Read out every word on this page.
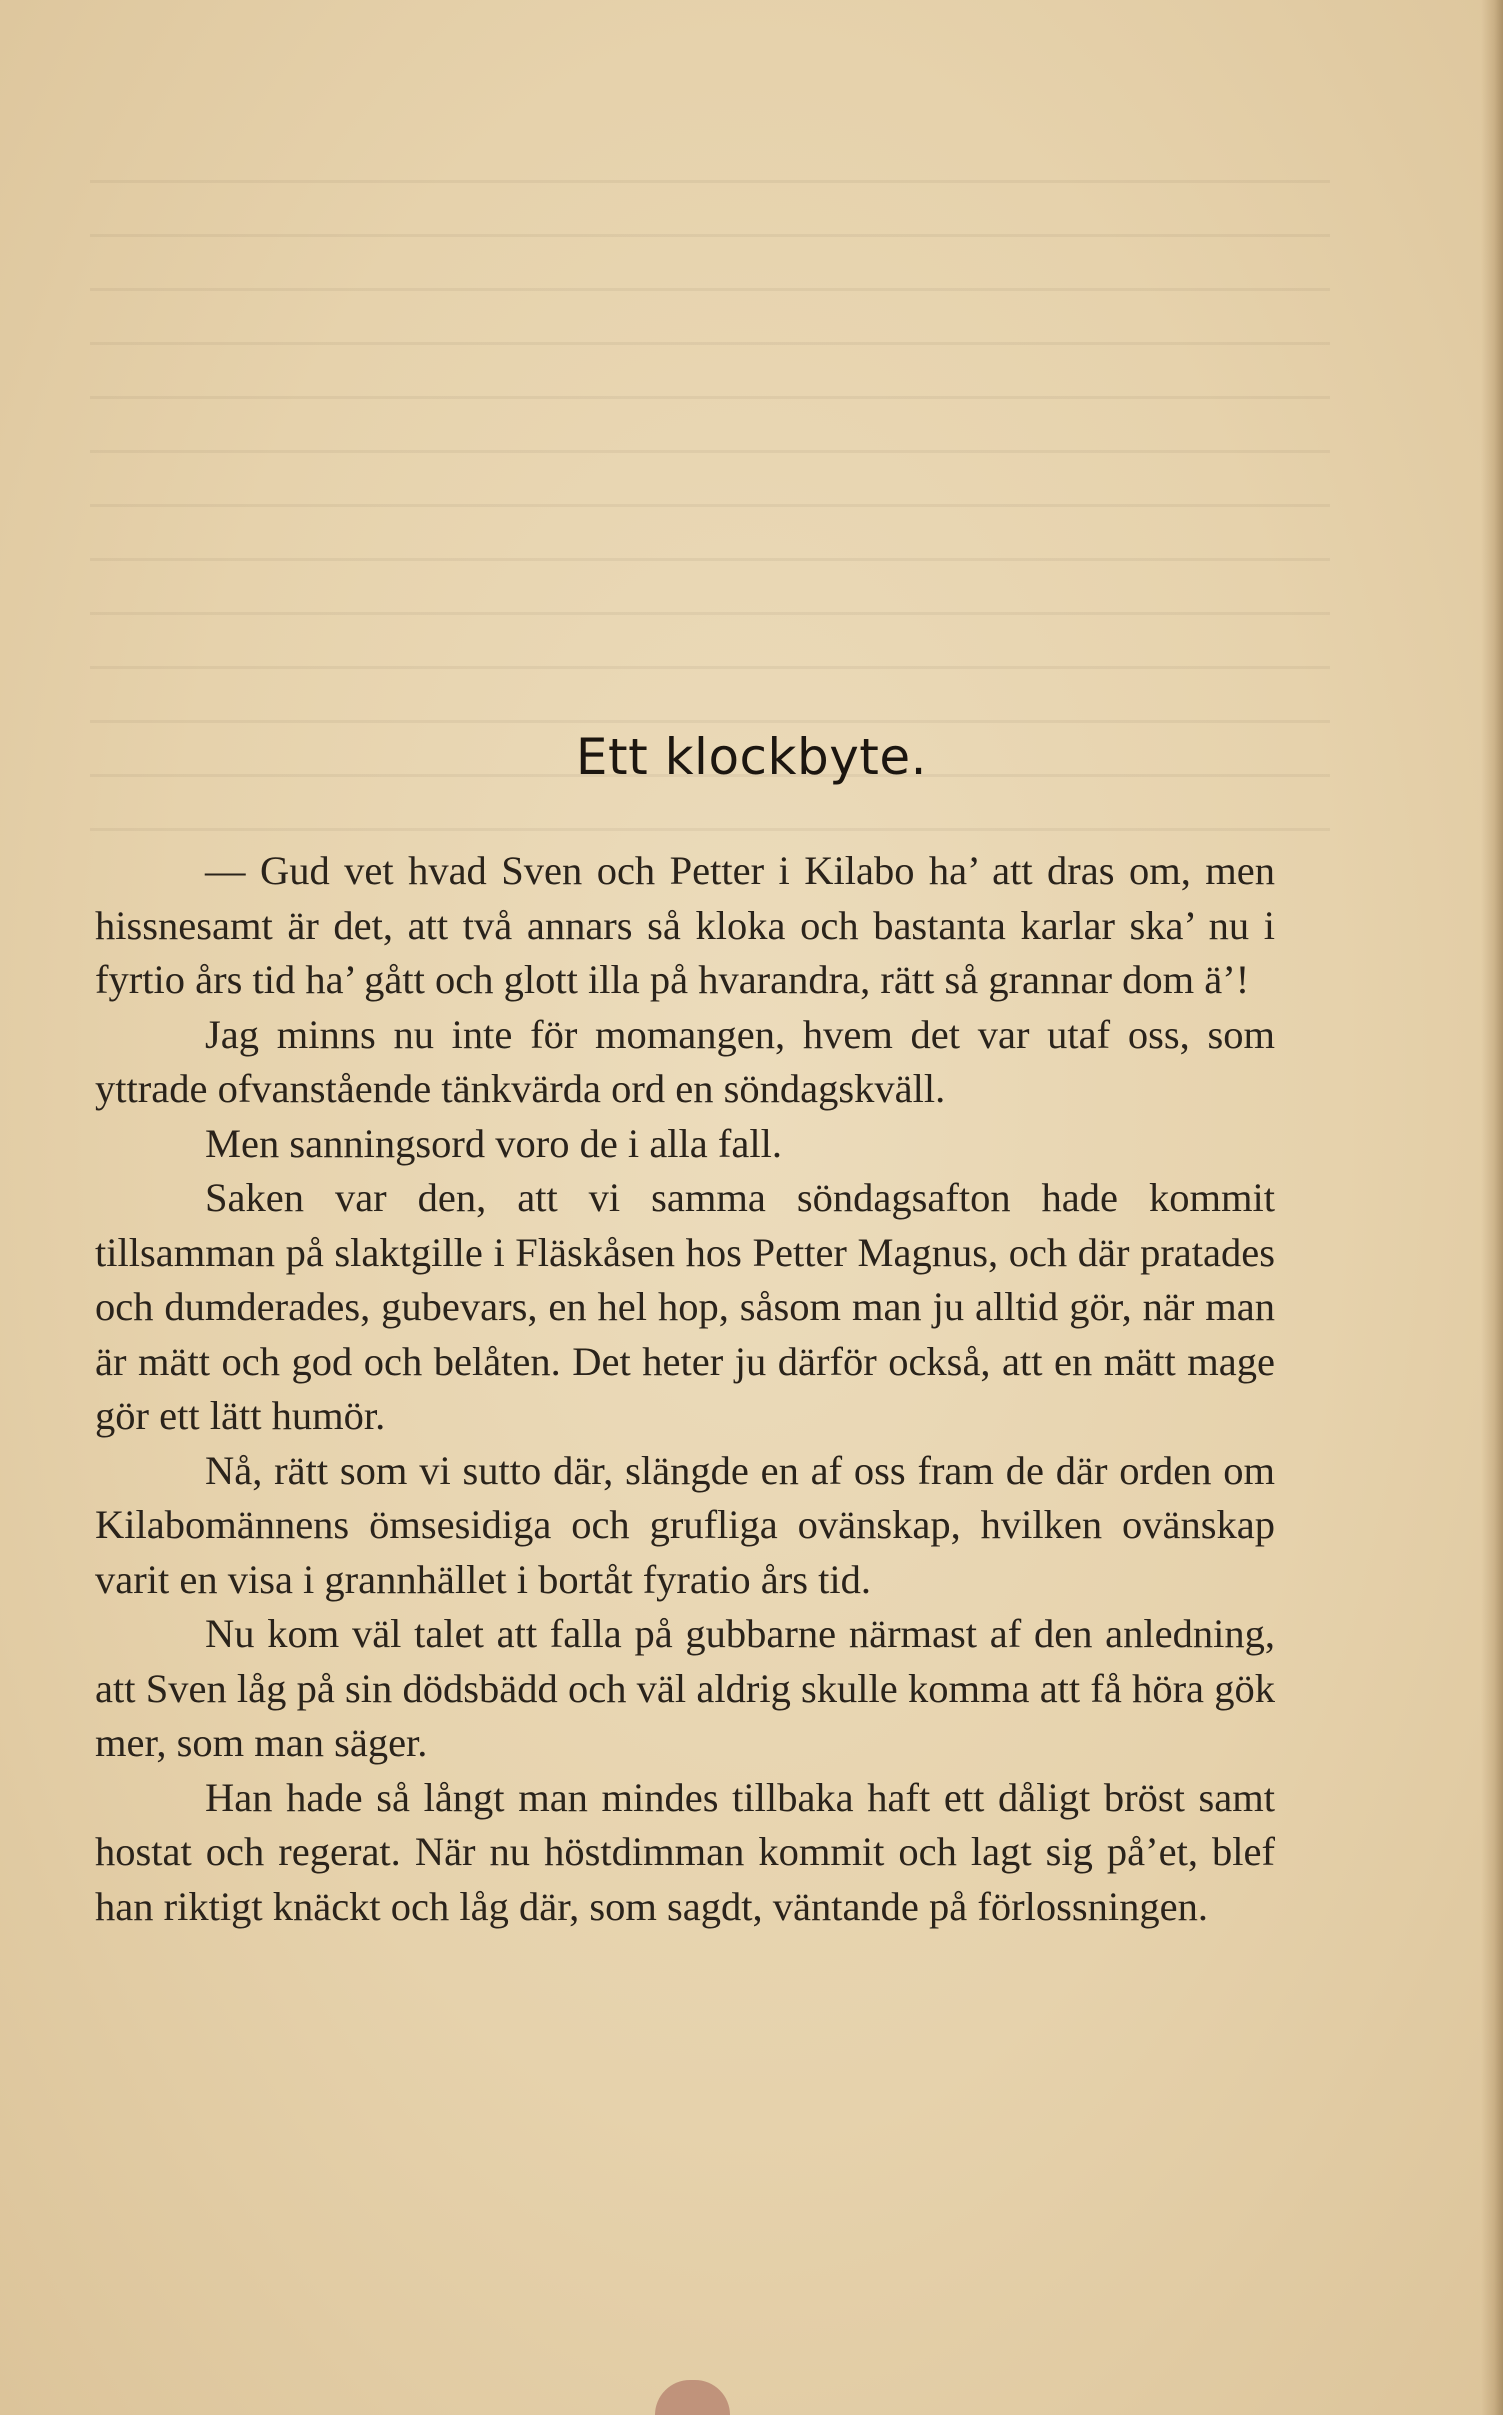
Ett klockbyte.

— Gud vet hvad Sven och Petter i Kilabo ha’ att dras om, men hissnesamt är det, att två annars så kloka och bastanta karlar ska’ nu i fyrtio års tid ha’ gått och glott illa på hvarandra, rätt så grannar dom ä’!

Jag minns nu inte för momangen, hvem det var utaf oss, som yttrade ofvanstående tänkvärda ord en söndagskväll.

Men sanningsord voro de i alla fall.

Saken var den, att vi samma söndagsafton hade kommit tillsamman på slaktgille i Fläskåsen hos Petter Magnus, och där pratades och dumderades, gubevars, en hel hop, såsom man ju alltid gör, när man är mätt och god och belåten. Det heter ju därför också, att en mätt mage gör ett lätt humör.

Nå, rätt som vi sutto där, slängde en af oss fram de där orden om Kilabomännens ömsesidiga och grufliga ovänskap, hvilken ovänskap varit en visa i grannhället i bortåt fyratio års tid.

Nu kom väl talet att falla på gubbarne närmast af den anledning, att Sven låg på sin dödsbädd och väl aldrig skulle komma att få höra gök mer, som man säger.

Han hade så långt man mindes tillbaka haft ett dåligt bröst samt hostat och regerat. När nu höstdimman kommit och lagt sig på’et, blef han riktigt knäckt och låg där, som sagdt, väntande på förlossningen.
